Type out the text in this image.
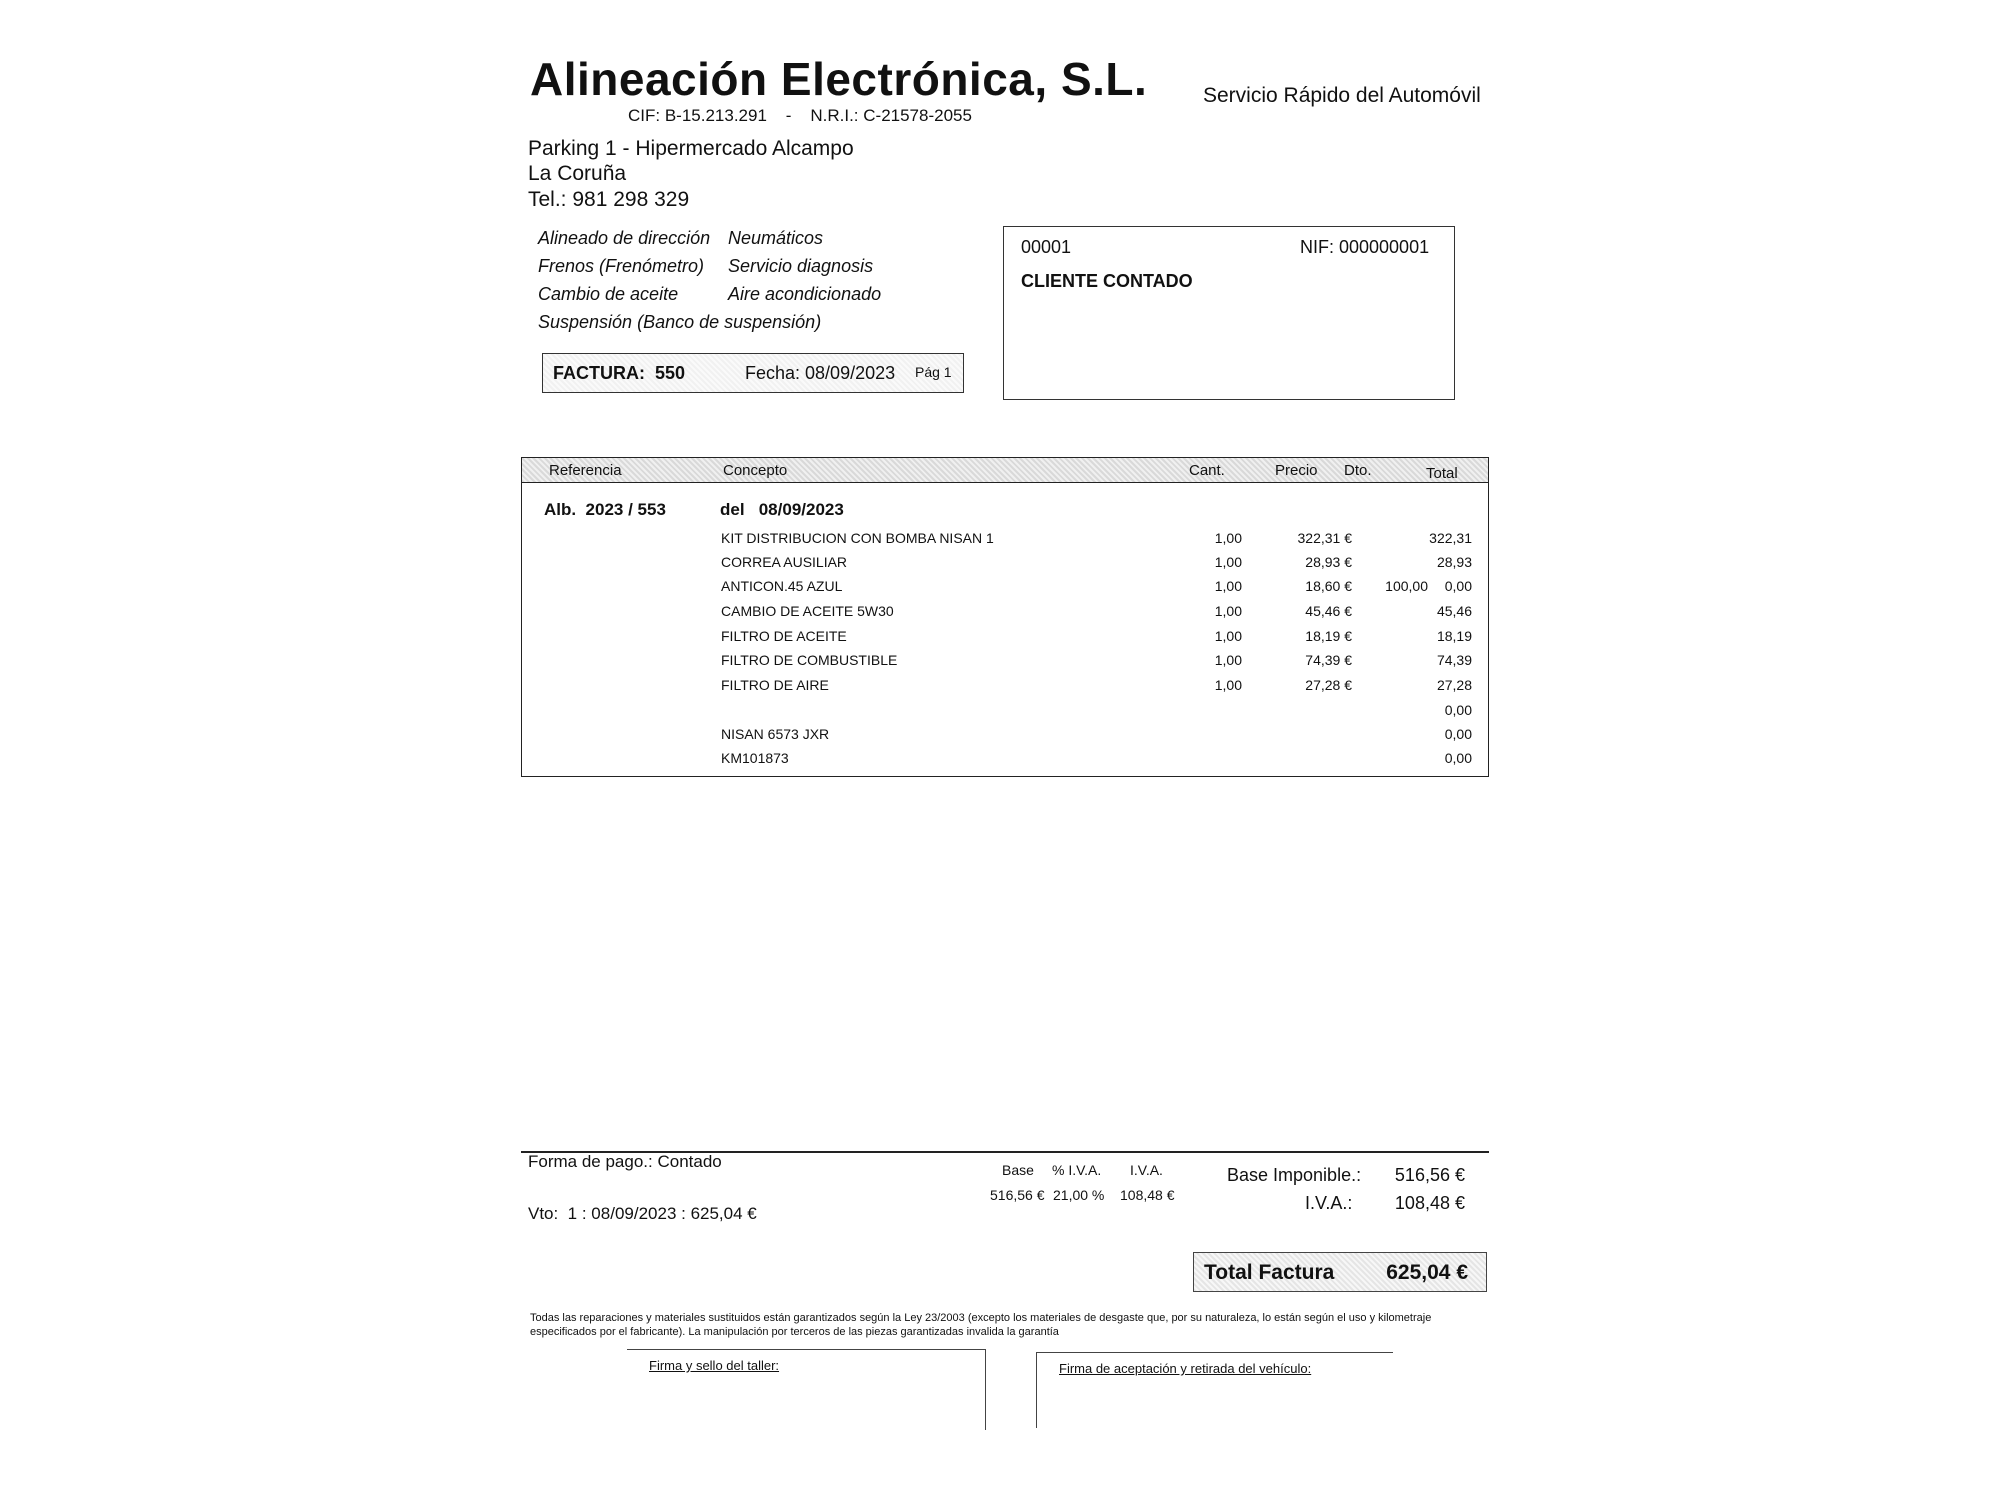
Alineación Electrónica, S.L.	Servicio Rápido del Automóvil
CIF: B-15.213.291    -    N.R.I.: C-21578-2055
Parking 1 - Hipermercado Alcampo
La Coruña
Tel.: 981 298 329
Alineado de dirección Neumáticos
Frenos (Frenómetro)	Servicio diagnosis
Cambio de aceite	Aire acondicionado
Suspensión (Banco de suspensión)
FACTURA:  550	Fecha: 08/09/2023 Pág 1
00001	NIF: 000000001
CLIENTE CONTADO
Referencia	Concepto	Cant.	Precio Dto.	Total
Alb.  2023 / 553	del   08/09/2023
KIT DISTRIBUCION CON BOMBA NISAN 1	1,00	322,31 €	322,31
CORREA AUSILIAR	1,00	28,93 €	28,93
ANTICON.45 AZUL	1,00	18,60 €	100,00	0,00
CAMBIO DE ACEITE 5W30	1,00	45,46 €	45,46
FILTRO DE ACEITE	1,00	18,19 €	18,19
FILTRO DE COMBUSTIBLE	1,00	74,39 €	74,39
FILTRO DE AIRE	1,00	27,28 €	27,28
0,00
NISAN 6573 JXR	0,00
KM101873	0,00
Forma de pago.: Contado
Vto:  1 : 08/09/2023 : 625,04 €
Base % I.V.A. I.V.A.
516,56 € 21,00 % 108,48 €
Base Imponible.: 516,56 €
I.V.A.: 108,48 €
Total Factura 625,04 €
Todas las reparaciones y materiales sustituidos están garantizados según la Ley 23/2003 (excepto los materiales de desgaste que, por su naturaleza, lo están según el uso y kilometraje especificados por el fabricante). La manipulación por terceros de las piezas garantizadas invalida la garantía
Firma y sello del taller:	Firma de aceptación y retirada del vehículo:
